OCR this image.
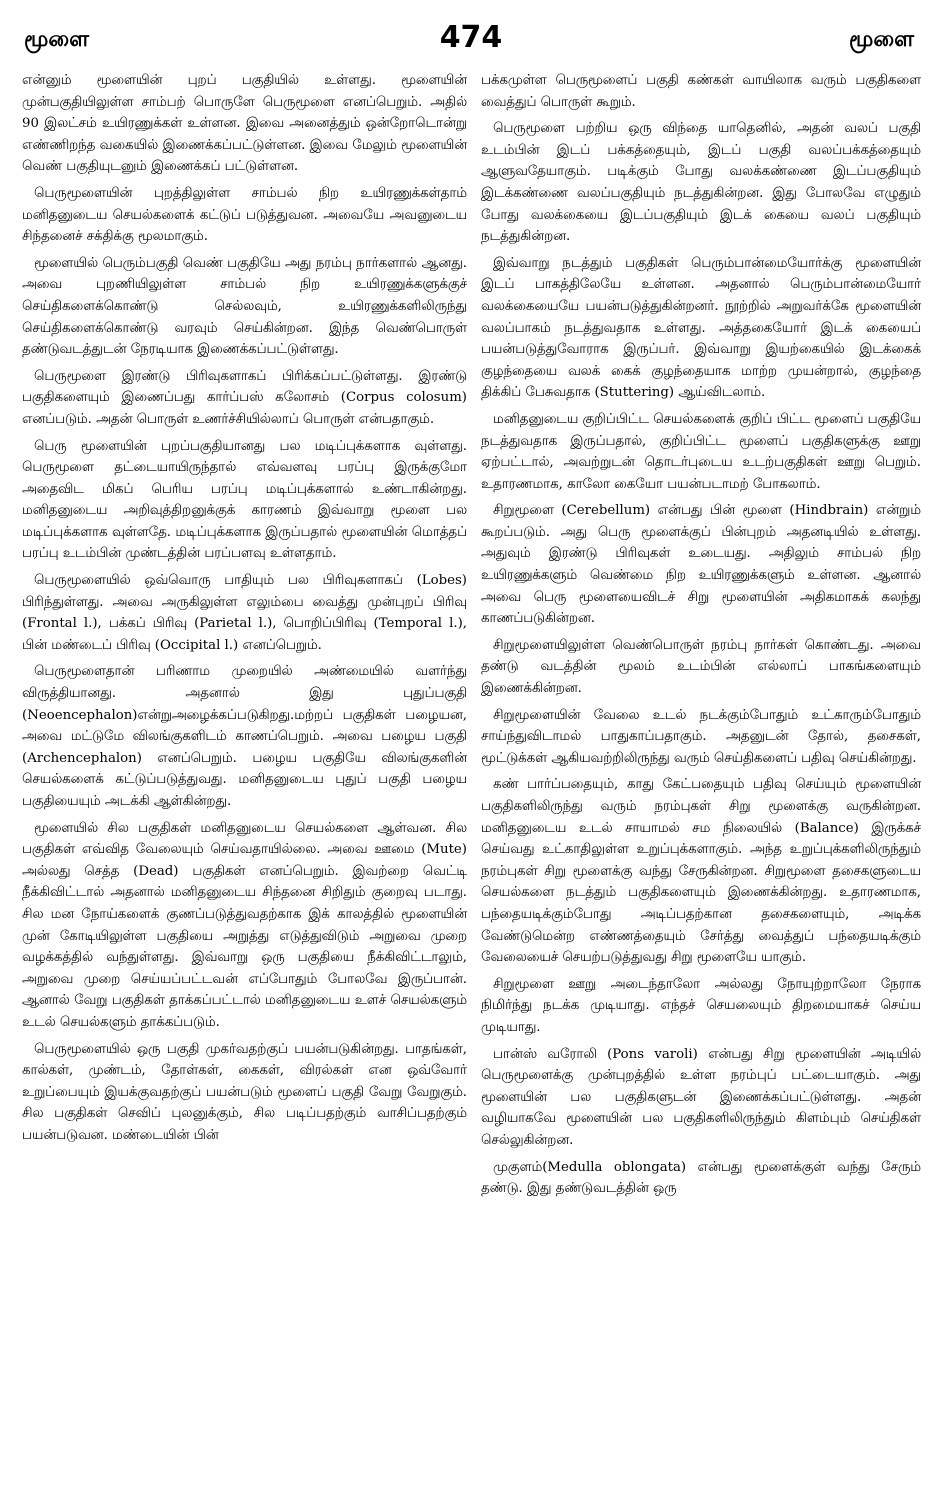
மூளை	474	மூளை

என்னும் மூளையின் புறப் பகுதியில் உள்ளது. மூளையின் முன்பகுதியிலுள்ள சாம்பற் பொருளே பெருமூளை எனப்பெறும். அதில் 90 இலட்சம் உயிரணுக்கள் உள்ளன. இவை அனைத்தும் ஒன்றோடொன்று எண்ணிறந்த வகையில் இணைக்கப்பட்டுள்ளன. இவை மேலும் மூளையின் வெண் பகுதியுடனும் இணைக்கப் பட்டுள்ளன.

பெருமூளையின் புறத்திலுள்ள சாம்பல் நிற உயிரணுக்கள்தாம் மனிதனுடைய செயல்களைக் கட்டுப் படுத்துவன. அவையே அவனுடைய சிந்தனைச் சக்திக்கு மூலமாகும்.

மூளையில் பெரும்பகுதி வெண் பகுதியே அது நரம்பு நார்களால் ஆனது. அவை புறணியிலுள்ள சாம்பல் நிற உயிரணுக்களுக்குச் செய்திகளைக்கொண்டு செல்லவும், உயிரணுக்களிலிருந்து செய்திகளைக்கொண்டு வரவும் செய்கின்றன. இந்த வெண்பொருள் தண்டுவடத்துடன் நேரடியாக இணைக்கப்பட்டுள்ளது.

பெருமூளை இரண்டு பிரிவுகளாகப் பிரிக்கப்பட்டுள்ளது. இரண்டு பகுதிகளையும் இணைப்பது கார்ப்பஸ் கலோசம் (Corpus colosum) எனப்படும். அதன் பொருள் உணர்ச்சியில்லாப் பொருள் என்பதாகும்.

பெரு மூளையின் புறப்பகுதியானது பல மடிப்புக்களாக வுள்ளது. பெருமூளை தட்டையாயிருந்தால் எவ்வளவு பரப்பு இருக்குமோ அதைவிட மிகப் பெரிய பரப்பு மடிப்புக்களால் உண்டாகின்றது. மனிதனுடைய அறிவுத்திறனுக்குக் காரணம் இவ்வாறு மூளை பல மடிப்புக்களாக வுள்ளதே. மடிப்புக்களாக இருப்பதால் மூளையின் மொத்தப் பரப்பு உடம்பின் முண்டத்தின் பரப்பளவு உள்ளதாம்.

பெருமூளையில் ஒவ்வொரு பாதியும் பல பிரிவுகளாகப் (Lobes) பிரிந்துள்ளது. அவை அருகிலுள்ள எலும்பை வைத்து முன்புறப் பிரிவு (Frontal l.), பக்கப் பிரிவு (Parietal l.), பொறிப்பிரிவு (Temporal l.), பின் மண்டைப் பிரிவு (Occipital l.) எனப்பெறும்.

பெருமூளைதான் பரிணாம முறையில் அண்மையில் வளர்ந்து விருத்தியானது. அதனால் இது புதுப்பகுதி (Neoencephalon)என்றுஅழைக்கப்படுகிறது.மற்றப் பகுதிகள் பழையன, அவை மட்டுமே விலங்குகளிடம் காணப்பெறும். அவை பழைய பகுதி (Archencephalon) எனப்பெறும். பழைய பகுதியே விலங்குகளின் செயல்களைக் கட்டுப்படுத்துவது. மனிதனுடைய புதுப் பகுதி பழைய பகுதியையும் அடக்கி ஆள்கின்றது.

மூளையில் சில பகுதிகள் மனிதனுடைய செயல்களை ஆள்வன. சில பகுதிகள் எவ்வித வேலையும் செய்வதாயில்லை. அவை ஊமை (Mute) அல்லது செத்த (Dead) பகுதிகள் எனப்பெறும். இவற்றை வெட்டி நீக்கிவிட்டால் அதனால் மனிதனுடைய சிந்தனை சிறிதும் குறைவு படாது. சில மன நோய்களைக் குணப்படுத்துவதற்காக இக் காலத்தில் மூளையின் முன் கோடியிலுள்ள பகுதியை அறுத்து எடுத்துவிடும் அறுவை முறை வழக்கத்தில் வந்துள்ளது. இவ்வாறு ஒரு பகுதியை நீக்கிவிட்டாலும், அறுவை முறை செய்யப்பட்டவன் எப்போதும் போலவே இருப்பான். ஆனால் வேறு பகுதிகள் தாக்கப்பட்டால் மனிதனுடைய உளச் செயல்களும் உடல் செயல்களும் தாக்கப்படும்.

பெருமூளையில் ஒரு பகுதி முகர்வதற்குப் பயன்படுகின்றது. பாதங்கள், கால்கள், முண்டம், தோள்கள், கைகள், விரல்கள் என ஒவ்வோர் உறுப்பையும் இயக்குவதற்குப் பயன்படும் மூளைப் பகுதி வேறு வேறுகும். சில பகுதிகள் செவிப் புலனுக்கும், சில படிப்பதற்கும் வாசிப்பதற்கும் பயன்படுவன. மண்டையின் பின்

பக்கமுள்ள பெருமூளைப் பகுதி கண்கள் வாயிலாக வரும் பகுதிகளை வைத்துப் பொருள் கூறும்.

பெருமூளை பற்றிய ஒரு விந்தை யாதெனில், அதன் வலப் பகுதி உடம்பின் இடப் பக்கத்தையும், இடப் பகுதி வலப்பக்கத்தையும் ஆளுவதேயாகும். படிக்கும் போது வலக்கண்ணை இடப்பகுதியும் இடக்கண்ணை வலப்பகுதியும் நடத்துகின்றன. இது போலவே எழுதும் போது வலக்கையை இடப்பகுதியும் இடக் கையை வலப் பகுதியும் நடத்துகின்றன.

இவ்வாறு நடத்தும் பகுதிகள் பெரும்பான்மையோர்க்கு மூளையின் இடப் பாகத்திலேயே உள்ளன. அதனால் பெரும்பான்மையோர் வலக்கையையே பயன்படுத்துகின்றனர். நூற்றில் அறுவர்க்கே மூளையின் வலப்பாகம் நடத்துவதாக உள்ளது. அத்தகையோர் இடக் கையைப் பயன்படுத்துவோராக இருப்பர். இவ்வாறு இயற்கையில் இடக்கைக் குழந்தையை வலக் கைக் குழந்தையாக மாற்ற முயன்றால், குழந்தை திக்கிப் பேசுவதாக (Stuttering) ஆய்விடலாம்.

மனிதனுடைய குறிப்பிட்ட செயல்களைக் குறிப் பிட்ட மூளைப் பகுதியே நடத்துவதாக இருப்பதால், குறிப்பிட்ட மூளைப் பகுதிகளுக்கு ஊறு ஏற்பட்டால், அவற்றுடன் தொடர்புடைய உடற்பகுதிகள் ஊறு பெறும். உதாரணமாக, காலோ கையோ பயன்படாமற் போகலாம்.

சிறுமூளை (Cerebellum) என்பது பின் மூளை (Hindbrain) என்றும் கூறப்படும். அது பெரு மூளைக்குப் பின்புறம் அதனடியில் உள்ளது. அதுவும் இரண்டு பிரிவுகள் உடையது. அதிலும் சாம்பல் நிற உயிரணுக்களும் வெண்மை நிற உயிரணுக்களும் உள்ளன. ஆனால் அவை பெரு மூளையைவிடச் சிறு மூளையின் அதிகமாகக் கலந்து காணப்படுகின்றன.

சிறுமூளையிலுள்ள வெண்பொருள் நரம்பு நார்கள் கொண்டது. அவை தண்டு வடத்தின் மூலம் உடம்பின் எல்லாப் பாகங்களையும் இணைக்கின்றன.

சிறுமூளையின் வேலை உடல் நடக்கும்போதும் உட்காரும்போதும் சாய்ந்துவிடாமல் பாதுகாப்பதாகும். அதனுடன் தோல், தசைகள், மூட்டுக்கள் ஆகியவற்றிலிருந்து வரும் செய்திகளைப் பதிவு செய்கின்றது.

கண் பார்ப்பதையும், காது கேட்பதையும் பதிவு செய்யும் மூளையின் பகுதிகளிலிருந்து வரும் நரம்புகள் சிறு மூளைக்கு வருகின்றன. மனிதனுடைய உடல் சாயாமல் சம நிலையில் (Balance) இருக்கச் செய்வது உட்காதிலுள்ள உறுப்புக்களாகும். அந்த உறுப்புக்களிலிருந்தும் நரம்புகள் சிறு மூளைக்கு வந்து சேருகின்றன. சிறுமூளை தசைகளுடைய செயல்களை நடத்தும் பகுதிகளையும் இணைக்கின்றது. உதாரணமாக, பந்தையடிக்கும்போது அடிப்பதற்கான தசைகளையும், அடிக்க வேண்டுமென்ற எண்ணத்தையும் சேர்த்து வைத்துப் பந்தையடிக்கும் வேலையைச் செயற்படுத்துவது சிறு மூளையே யாகும்.

சிறுமூளை ஊறு அடைந்தாலோ அல்லது நோயுற்றாலோ நேராக நிமிர்ந்து நடக்க முடியாது. எந்தச் செயலையும் திறமையாகச் செய்ய முடியாது.

பான்ஸ் வரோலி (Pons varoli) என்பது சிறு மூளையின் அடியில் பெருமூளைக்கு முன்புறத்தில் உள்ள நரம்புப் பட்டையாகும். அது மூளையின் பல பகுதிகளுடன் இணைக்கப்பட்டுள்ளது. அதன் வழியாகவே மூளையின் பல பகுதிகளிலிருந்தும் கிளம்பும் செய்திகள் செல்லுகின்றன.

முகுளம்(Medulla oblongata) என்பது மூளைக்குள் வந்து சேரும் தண்டு. இது தண்டுவடத்தின் ஒரு
